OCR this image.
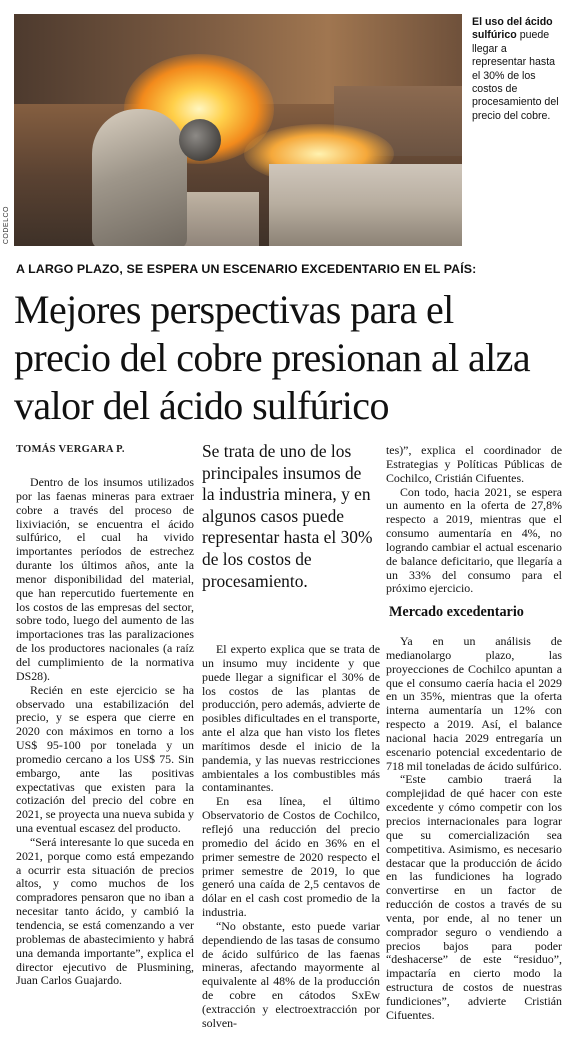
CODELCO
El uso del ácido sulfúrico puede llegar a representar hasta el 30% de los costos de procesamiento del precio del cobre.
A LARGO PLAZO, SE ESPERA UN ESCENARIO EXCEDENTARIO EN EL PAÍS:
Mejores perspectivas para el precio del cobre presionan al alza valor del ácido sulfúrico
TOMÁS VERGARA P.

Dentro de los insumos utilizados por las faenas mineras para extraer cobre a través del proceso de lixiviación, se encuentra el ácido sulfúrico, el cual ha vivido importantes períodos de estrechez durante los últimos años, ante la menor disponibilidad del material, que han repercutido fuertemente en los costos de las empresas del sector, sobre todo, luego del aumento de las importaciones tras las paralizaciones de los productores nacionales (a raíz del cumplimiento de la normativa DS28).

Recién en este ejercicio se ha observado una estabilización del precio, y se espera que cierre en 2020 con máximos en torno a los US$ 95-100 por tonelada y un promedio cercano a los US$ 75. Sin embargo, ante las positivas expectativas que existen para la cotización del precio del cobre en 2021, se proyecta una nueva subida y una eventual escasez del producto.

“Será interesante lo que suceda en 2021, porque como está empezando a ocurrir esta situación de precios altos, y como muchos de los compradores pensaron que no iban a necesitar tanto ácido, y cambió la tendencia, se está comenzando a ver problemas de abastecimiento y habrá una demanda importante”, explica el director ejecutivo de Plusmining, Juan Carlos Guajardo.

Se trata de uno de los principales insumos de la industria minera, y en algunos casos puede representar hasta el 30% de los costos de procesamiento.

El experto explica que se trata de un insumo muy incidente y que puede llegar a significar el 30% de los costos de las plantas de producción, pero además, advierte de posibles dificultades en el transporte, ante el alza que han visto los fletes marítimos desde el inicio de la pandemia, y las nuevas restricciones ambientales a los combustibles más contaminantes.

En esa línea, el último Observatorio de Costos de Cochilco, reflejó una reducción del precio promedio del ácido en 36% en el primer semestre de 2020 respecto el primer semestre de 2019, lo que generó una caída de 2,5 centavos de dólar en el cash cost promedio de la industria.

“No obstante, esto puede variar dependiendo de las tasas de consumo de ácido sulfúrico de las faenas mineras, afectando mayormente al equivalente al 48% de la producción de cobre en cátodos SxEw (extracción y electroextracción por solven-

tes)”, explica el coordinador de Estrategias y Políticas Públicas de Cochilco, Cristián Cifuentes.

Con todo, hacia 2021, se espera un aumento en la oferta de 27,8% respecto a 2019, mientras que el consumo aumentaría en 4%, no logrando cambiar el actual escenario de balance deficitario, que llegaría a un 33% del consumo para el próximo ejercicio.

Mercado excedentario

Ya en un análisis de medianolargo plazo, las proyecciones de Cochilco apuntan a que el consumo caería hacia el 2029 en un 35%, mientras que la oferta interna aumentaría un 12% con respecto a 2019. Así, el balance nacional hacia 2029 entregaría un escenario potencial excedentario de 718 mil toneladas de ácido sulfúrico.

“Este cambio traerá la complejidad de qué hacer con este excedente y cómo competir con los precios internacionales para lograr que su comercialización sea competitiva. Asimismo, es necesario destacar que la producción de ácido en las fundiciones ha logrado convertirse en un factor de reducción de costos a través de su venta, por ende, al no tener un comprador seguro o vendiendo a precios bajos para poder “deshacerse” de este “residuo”, impactaría en cierto modo la estructura de costos de nuestras fundiciones”, advierte Cristián Cifuentes.
